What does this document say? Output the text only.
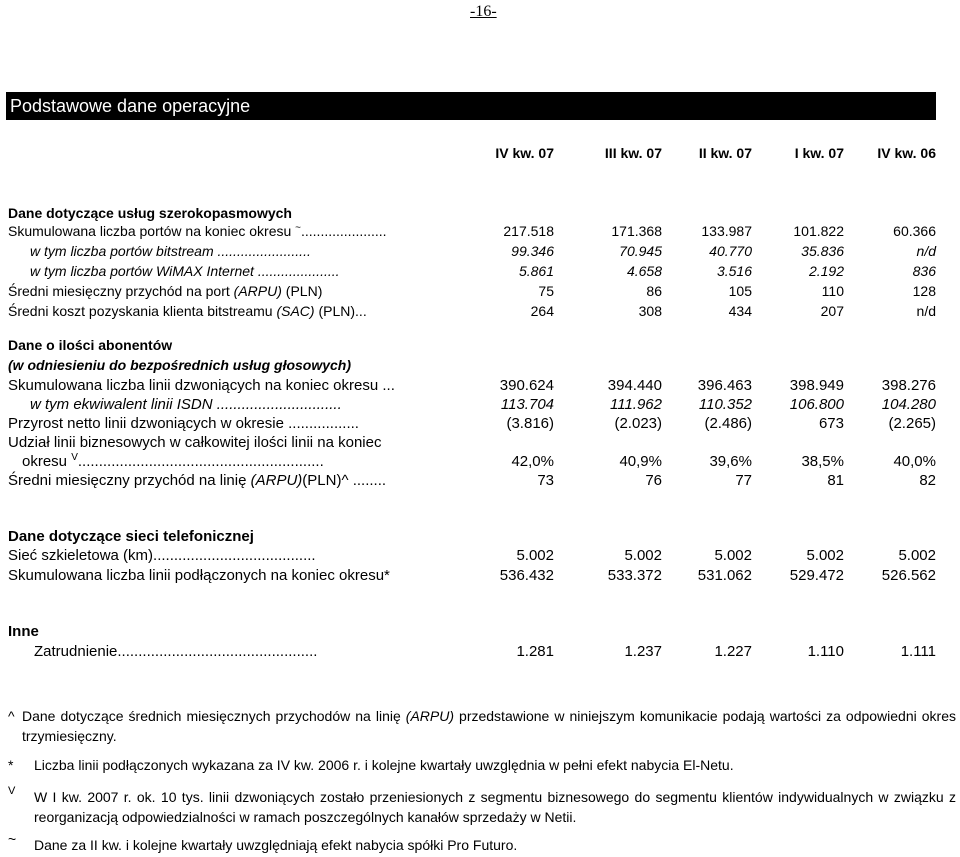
-16-
Podstawowe dane operacyjne
IV kw. 07	III kw. 07	II kw. 07	I kw. 07	IV kw. 06
Dane dotyczące usług szerokopasmowych
Skumulowana liczba portów na koniec okresu ~......................	217.518	171.368	133.987	101.822	60.366
w tym liczba portów bitstream ........................	99.346	70.945	40.770	35.836	n/d
w tym liczba portów WiMAX Internet .....................	5.861	4.658	3.516	2.192	836
Średni miesięczny przychód na port (ARPU) (PLN)	75	86	105	110	128
Średni koszt pozyskania klienta bitstreamu (SAC) (PLN)...	264	308	434	207	n/d
Dane o ilości abonentów
(w odniesieniu do bezpośrednich usług głosowych)
Skumulowana liczba linii dzwoniących na koniec okresu ...	390.624	394.440	396.463	398.949	398.276
w tym ekwiwalent linii ISDN ..............................	113.704	111.962	110.352	106.800	104.280
Przyrost netto linii dzwoniących w okresie .................	(3.816)	(2.023)	(2.486)	673	(2.265)
Udział linii biznesowych w całkowitej ilości linii na koniec
okresu $^V$...........................................................	42,0%	40,9%	39,6%	38,5%	40,0%
Średni miesięczny przychód na linię (ARPU)(PLN)^ ........	73	76	77	81	82
Dane dotyczące sieci telefonicznej
Sieć szkieletowa (km).......................................	5.002	5.002	5.002	5.002	5.002
Skumulowana liczba linii podłączonych na koniec okresu*	536.432	533.372	531.062	529.472	526.562
Inne
Zatrudnienie................................................	1.281	1.237	1.227	1.110	1.111
^ Dane dotyczące średnich miesięcznych przychodów na linię (ARPU) przedstawione w niniejszym komunikacie podają wartości za odpowiedni okres trzymiesięczny.
* Liczba linii podłączonych wykazana za IV kw. 2006 r. i kolejne kwartały uwzględnia w pełni efekt nabycia El-Netu.
V W I kw. 2007 r. ok. 10 tys. linii dzwoniących zostało przeniesionych z segmentu biznesowego do segmentu klientów indywidualnych w związku z reorganizacją odpowiedzialności w ramach poszczególnych kanałów sprzedaży w Netii.
~ Dane za II kw. i kolejne kwartały uwzględniają efekt nabycia spółki Pro Futuro.
